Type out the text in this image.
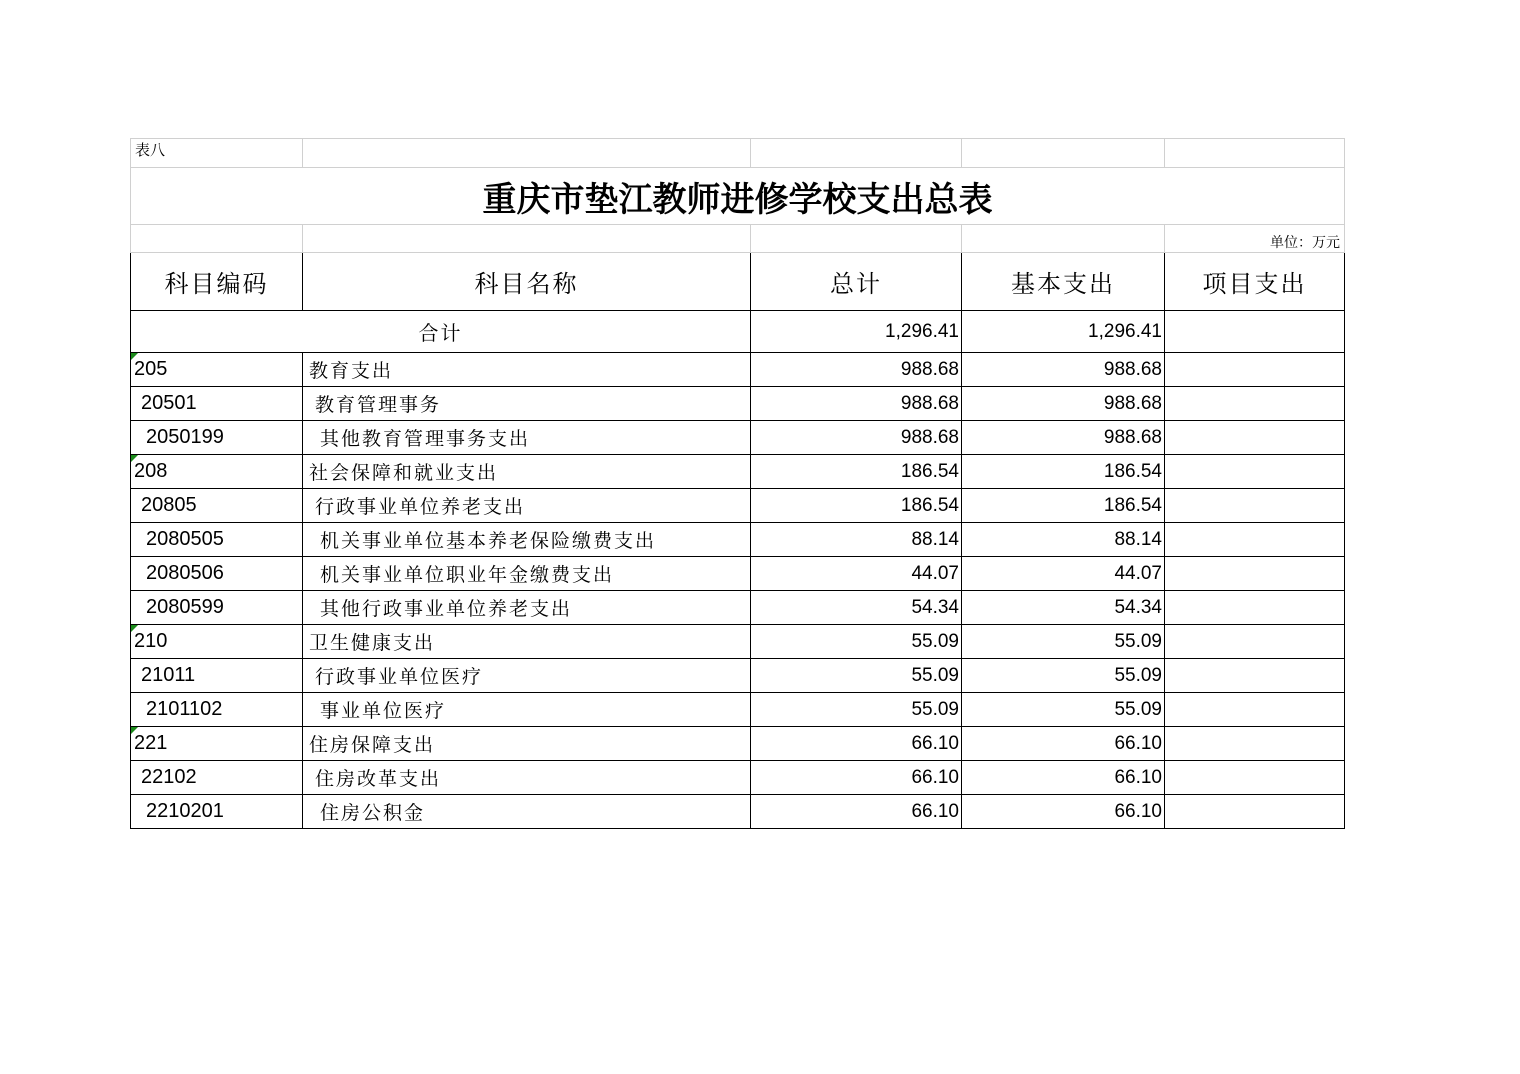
表八				
重庆市垫江教师进修学校支出总表				
				单位：万元
科目编码	科目名称	总计	基本支出	项目支出
合计		1,296.41	1,296.41	

205	教育支出	988.68	988.68	
20501	教育管理事务	988.68	988.68	
2050199	其他教育管理事务支出	988.68	988.68	

208	社会保障和就业支出	186.54	186.54	
20805	行政事业单位养老支出	186.54	186.54	
2080505	机关事业单位基本养老保险缴费支出	88.14	88.14	
2080506	机关事业单位职业年金缴费支出	44.07	44.07	
2080599	其他行政事业单位养老支出	54.34	54.34	

210	卫生健康支出	55.09	55.09	
21011	行政事业单位医疗	55.09	55.09	
2101102	事业单位医疗	55.09	55.09	

221	住房保障支出	66.10	66.10	
22102	住房改革支出	66.10	66.10	
2210201	住房公积金	66.10	66.10	
